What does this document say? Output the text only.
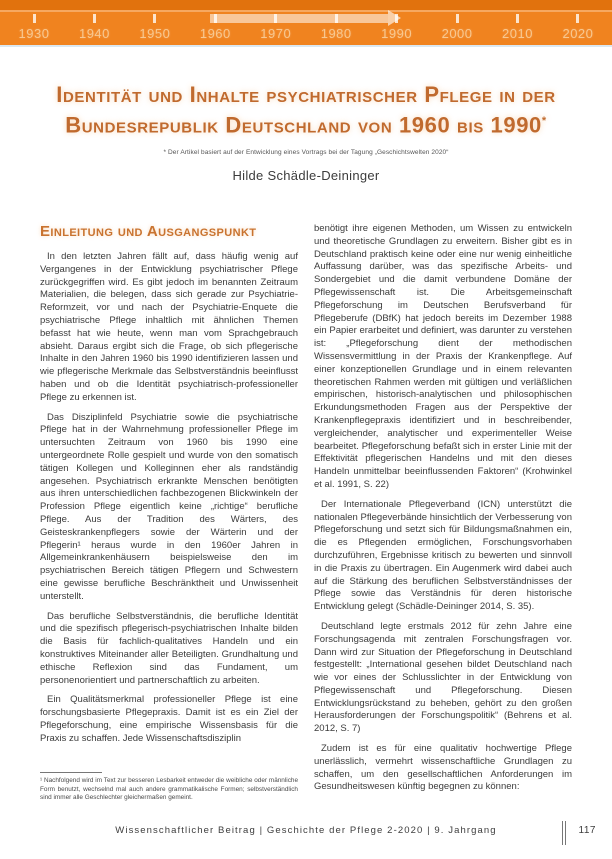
1930 1940 1950 1960 1970 1980 1990 2000 2010 2020
Identität und Inhalte psychiatrischer Pflege in der
Bundesrepublik Deutschland von 1960 bis 1990*
* Der Artikel basiert auf der Entwicklung eines Vortrags bei der Tagung „Geschichtswelten 2020“
Hilde Schädle-Deininger
Einleitung und Ausgangspunkt

In den letzten Jahren fällt auf, dass häufig wenig auf Vergangenes in der Entwicklung psychiatrischer Pflege zurückgegriffen wird. Es gibt jedoch im benannten Zeitraum Materialien, die belegen, dass sich gerade zur Psychiatrie-Reformzeit, vor und nach der Psychiatrie-Enquete die psychiatrische Pflege inhaltlich mit ähnlichen Themen befasst hat wie heute, wenn man vom Sprachgebrauch absieht. Daraus ergibt sich die Frage, ob sich pflegerische Inhalte in den Jahren 1960 bis 1990 identifizieren lassen und wie pflegerische Merkmale das Selbstverständnis beeinflusst haben und ob die Identität psychiatrisch-professioneller Pflege zu erkennen ist.

Das Disziplinfeld Psychiatrie sowie die psychiatrische Pflege hat in der Wahrnehmung professioneller Pflege im untersuchten Zeitraum von 1960 bis 1990 eine untergeordnete Rolle gespielt und wurde von den somatisch tätigen Kollegen und Kolleginnen eher als randständig angesehen. Psychiatrisch erkrankte Menschen benötigten aus ihren unterschiedlichen fachbezogenen Blickwinkeln der Profession Pflege eigentlich keine „richtige“ berufliche Pflege. Aus der Tradition des Wärters, des Geisteskrankenpflegers sowie der Wärterin und der Pflegerin¹ heraus wurde in den 1960er Jahren in Allgemeinkrankenhäusern beispielsweise den im psychiatrischen Bereich tätigen Pflegern und Schwestern eine gewisse berufliche Beschränktheit und Unwissenheit unterstellt.

Das berufliche Selbstverständnis, die berufliche Identität und die spezifisch pflegerisch-psychiatrischen Inhalte bilden die Basis für fachlich-qualitatives Handeln und ein konstruktives Miteinander aller Beteiligten. Grundhaltung und ethische Reflexion sind das Fundament, um personenorientiert und partnerschaftlich zu arbeiten.

Ein Qualitätsmerkmal professioneller Pflege ist eine forschungsbasierte Pflegepraxis. Damit ist es ein Ziel der Pflegeforschung, eine empirische Wissensbasis für die Praxis zu schaffen. Jede Wissenschaftsdisziplin

¹ Nachfolgend wird im Text zur besseren Lesbarkeit entweder die weibliche oder männliche Form benutzt, wechselnd mal auch andere grammatikalische Formen; selbstverständlich sind immer alle Geschlechter gleichermaßen gemeint.

benötigt ihre eigenen Methoden, um Wissen zu entwickeln und theoretische Grundlagen zu erweitern. Bisher gibt es in Deutschland praktisch keine oder eine nur wenig einheitliche Auffassung darüber, was das spezifische Arbeits- und Sondergebiet und die damit verbundene Domäne der Pflegewissenschaft ist. Die Arbeitsgemeinschaft Pflegeforschung im Deutschen Berufsverband für Pflegeberufe (DBfK) hat jedoch bereits im Dezember 1988 ein Papier erarbeitet und definiert, was darunter zu verstehen ist: „Pflegeforschung dient der methodischen Wissensvermittlung in der Praxis der Krankenpflege. Auf einer konzeptionellen Grundlage und in einem relevanten theoretischen Rahmen werden mit gültigen und verläßlichen empirischen, historisch-analytischen und philosophischen Erkundungsmethoden Fragen aus der Perspektive der Krankenpflegepraxis identifiziert und in beschreibender, vergleichender, analytischer und experimenteller Weise bearbeitet. Pflegeforschung befaßt sich in erster Linie mit der Effektivität pflegerischen Handelns und mit den dieses Handeln unmittelbar beeinflussenden Faktoren“ (Krohwinkel et al. 1991, S. 22)

Der Internationale Pflegeverband (ICN) unterstützt die nationalen Pflegeverbände hinsichtlich der Verbesserung von Pflegeforschung und setzt sich für Bildungsmaßnahmen ein, die es Pflegenden ermöglichen, Forschungsvorhaben durchzuführen, Ergebnisse kritisch zu bewerten und sinnvoll in die Praxis zu übertragen. Ein Augenmerk wird dabei auch auf die Stärkung des beruflichen Selbstverständnisses der Pflege sowie das Verständnis für deren historische Entwicklung gelegt (Schädle-Deininger 2014, S. 35).

Deutschland legte erstmals 2012 für zehn Jahre eine Forschungsagenda mit zentralen Forschungsfragen vor. Dann wird zur Situation der Pflegeforschung in Deutschland festgestellt: „International gesehen bildet Deutschland nach wie vor eines der Schlusslichter in der Entwicklung von Pflegewissenschaft und Pflegeforschung. Diesen Entwicklungsrückstand zu beheben, gehört zu den großen Herausforderungen der Forschungspolitik“ (Behrens et al. 2012, S. 7)

Zudem ist es für eine qualitativ hochwertige Pflege unerlässlich, vermehrt wissenschaftliche Grundlagen zu schaffen, um den gesellschaftlichen Anforderungen im Gesundheitswesen künftig begegnen zu können:

Wissenschaftlicher Beitrag | Geschichte der Pflege 2-2020 | 9. Jahrgang	117
